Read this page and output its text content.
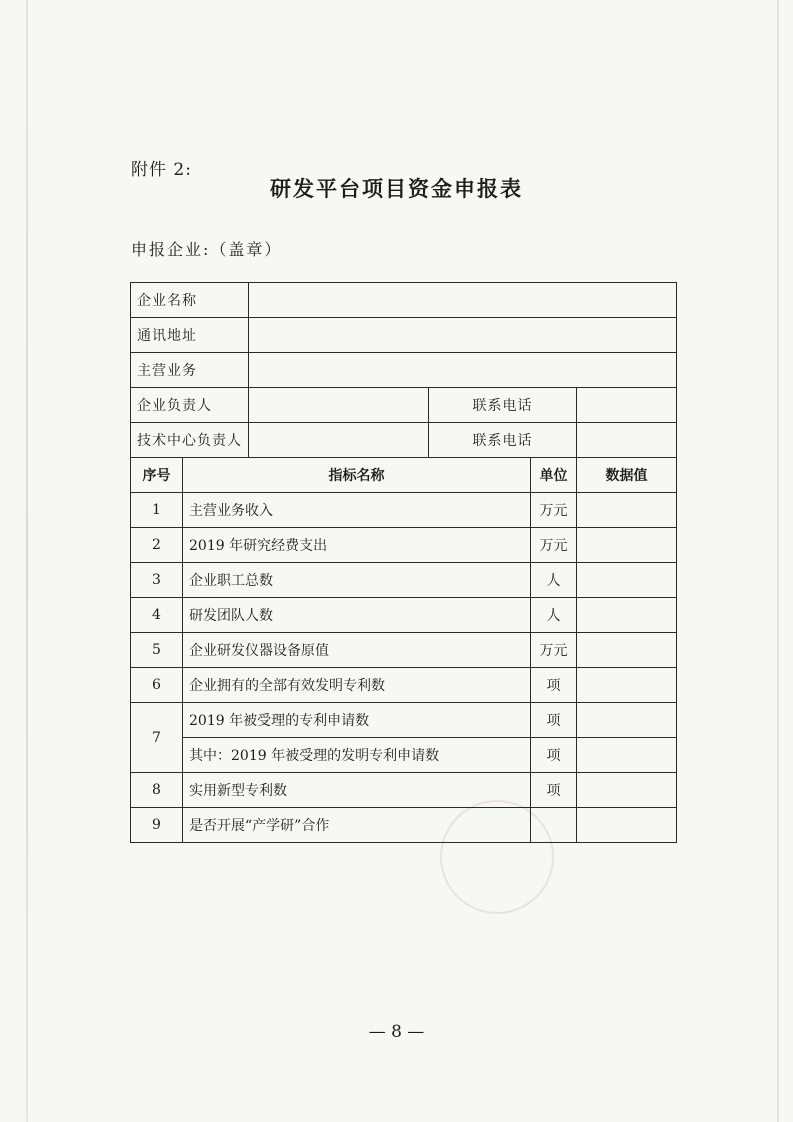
附件 2:
研发平台项目资金申报表
申报企业:（盖章）
企业名称					
通讯地址					
主营业务					
企业负责人			联系电话		
技术中心负责人			联系电话		
序号	指标名称			单位	数据值
1	主营业务收入			万元	
2	2019 年研究经费支出			万元	
3	企业职工总数			人	
4	研发团队人数			人	
5	企业研发仪器设备原值			万元	
6	企业拥有的全部有效发明专利数			项	
7	2019 年被受理的专利申请数			项	
	其中：2019 年被受理的发明专利申请数			项	
8	实用新型专利数			项	
9	是否开展“产学研”合作				
— 8 —
